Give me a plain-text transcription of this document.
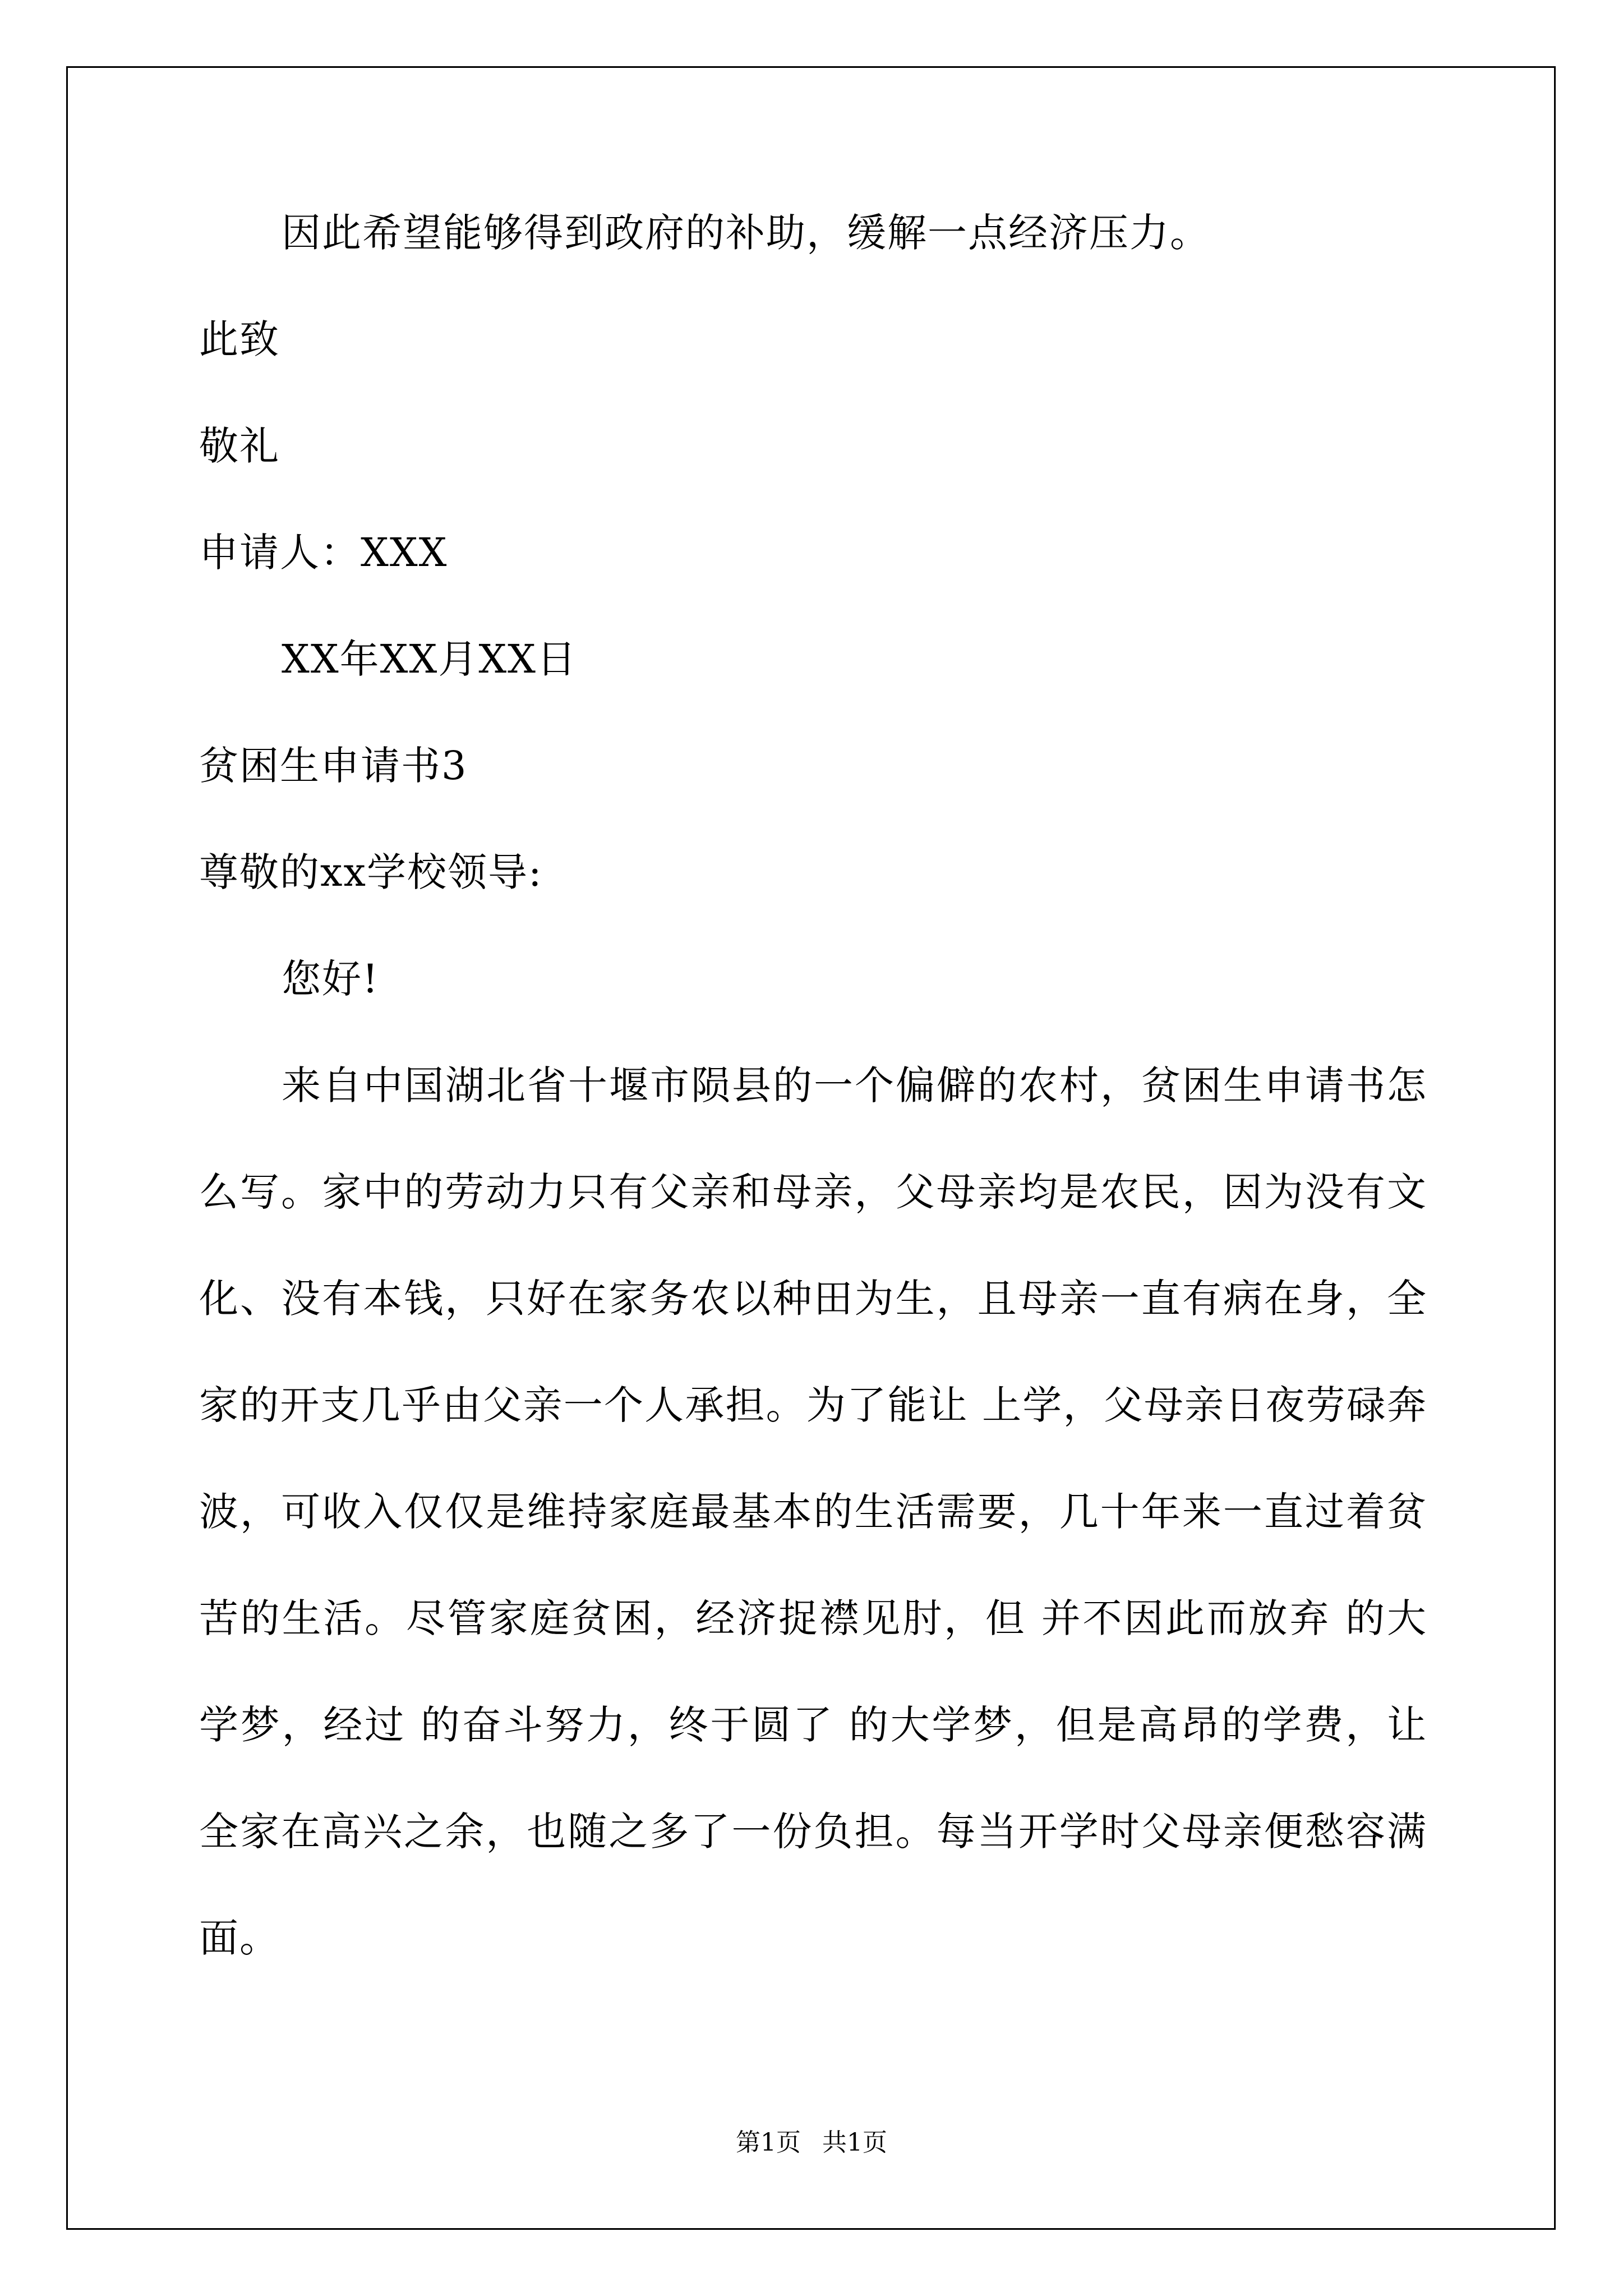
因此希望能够得到政府的补助，缓解一点经济压力。
此致
敬礼
申请人：XXX
XX年XX月XX日
贫困生申请书3
尊敬的xx学校领导:
您好!
来自中国湖北省十堰市陨县的一个偏僻的农村，贫困生申请书怎么写。家中的劳动力只有父亲和母亲，父母亲均是农民，因为没有文化、没有本钱，只好在家务农以种田为生，且母亲一直有病在身，全家的开支几乎由父亲一个人承担。为了能让 上学，父母亲日夜劳碌奔波，可收入仅仅是维持家庭最基本的生活需要，几十年来一直过着贫苦的生活。尽管家庭贫困，经济捉襟见肘，但 并不因此而放弃 的大学梦，经过 的奋斗努力，终于圆了 的大学梦，但是高昂的学费，让全家在高兴之余，也随之多了一份负担。每当开学时父母亲便愁容满面。
第1页 共1页
